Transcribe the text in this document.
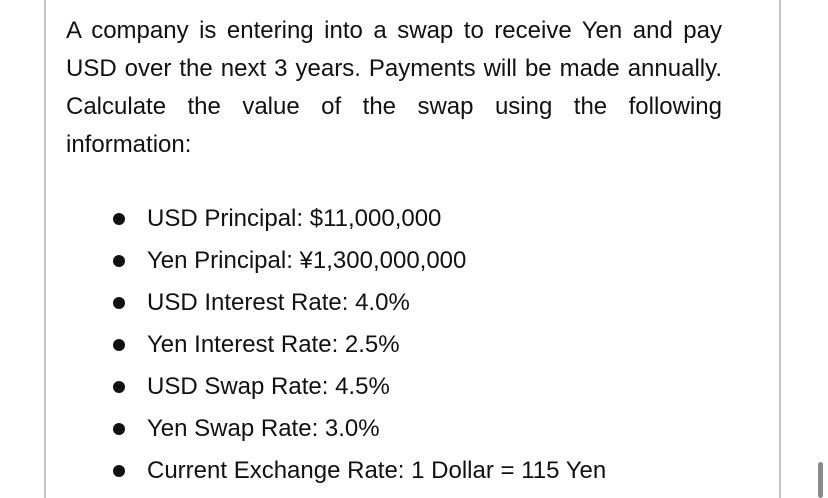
A company is entering into a swap to receive Yen and pay USD over the next 3 years. Payments will be made annually. Calculate the value of the swap using the following information:

USD Principal: $11,000,000
Yen Principal: ¥1,300,000,000
USD Interest Rate: 4.0%
Yen Interest Rate: 2.5%
USD Swap Rate: 4.5%
Yen Swap Rate: 3.0%
Current Exchange Rate: 1 Dollar = 115 Yen
